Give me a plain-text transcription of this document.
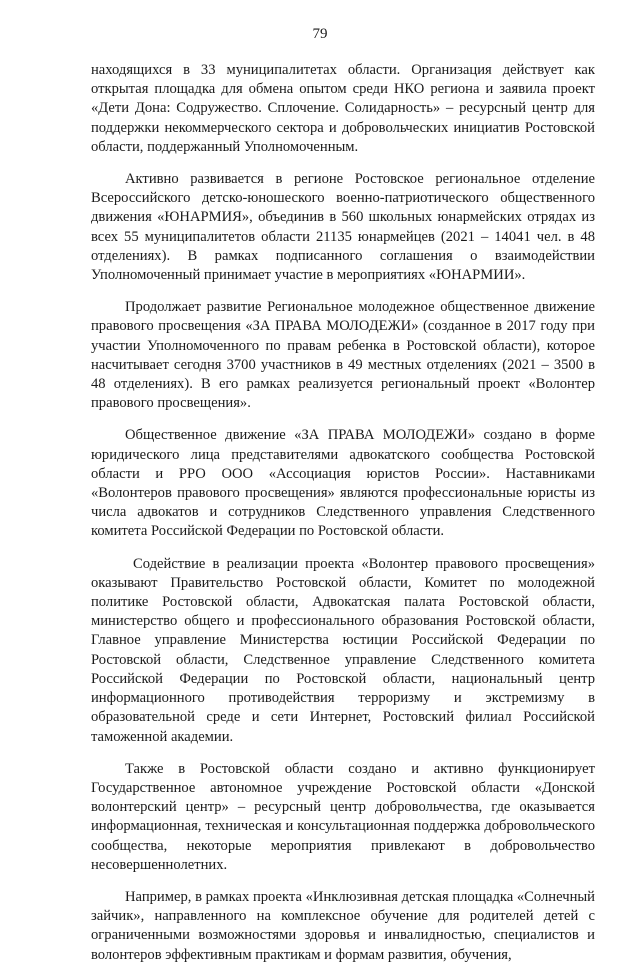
79

находящихся в 33 муниципалитетах области. Организация действует как открытая площадка для обмена опытом среди НКО региона и заявила проект «Дети Дона: Содружество. Сплочение. Солидарность» – ресурсный центр для поддержки некоммерческого сектора и добровольческих инициатив Ростовской области, поддержанный Уполномоченным.

Активно развивается в регионе Ростовское региональное отделение Всероссийского детско-юношеского военно-патриотического общественного движения «ЮНАРМИЯ», объединив в 560 школьных юнармейских отрядах из всех 55 муниципалитетов области 21135 юнармейцев (2021 – 14041 чел. в 48 отделениях). В рамках подписанного соглашения о взаимодействии Уполномоченный принимает участие в мероприятиях «ЮНАРМИИ».

Продолжает развитие Региональное молодежное общественное движение правового просвещения «ЗА ПРАВА МОЛОДЕЖИ» (созданное в 2017 году при участии Уполномоченного по правам ребенка в Ростовской области), которое насчитывает сегодня 3700 участников в 49 местных отделениях (2021 – 3500 в 48 отделениях). В его рамках реализуется региональный проект «Волонтер правового просвещения».

Общественное движение «ЗА ПРАВА МОЛОДЕЖИ» создано в форме юридического лица представителями адвокатского сообщества Ростовской области и РРО ООО «Ассоциация юристов России». Наставниками «Волонтеров правового просвещения» являются профессиональные юристы из числа адвокатов и сотрудников Следственного управления Следственного комитета Российской Федерации по Ростовской области.

Содействие в реализации проекта «Волонтер правового просвещения» оказывают Правительство Ростовской области, Комитет по молодежной политике Ростовской области, Адвокатская палата Ростовской области, министерство общего и профессионального образования Ростовской области, Главное управление Министерства юстиции Российской Федерации по Ростовской области, Следственное управление Следственного комитета Российской Федерации по Ростовской области, национальный центр информационного противодействия терроризму и экстремизму в образовательной среде и сети Интернет, Ростовский филиал Российской таможенной академии.

Также в Ростовской области создано и активно функционирует Государственное автономное учреждение Ростовской области «Донской волонтерский центр» – ресурсный центр добровольчества, где оказывается информационная, техническая и консультационная поддержка добровольческого сообщества, некоторые мероприятия привлекают в добровольчество несовершеннолетних.

Например, в рамках проекта «Инклюзивная детская площадка «Солнечный зайчик», направленного на комплексное обучение для родителей детей с ограниченными возможностями здоровья и инвалидностью, специалистов и волонтеров эффективным практикам и формам развития, обучения,
